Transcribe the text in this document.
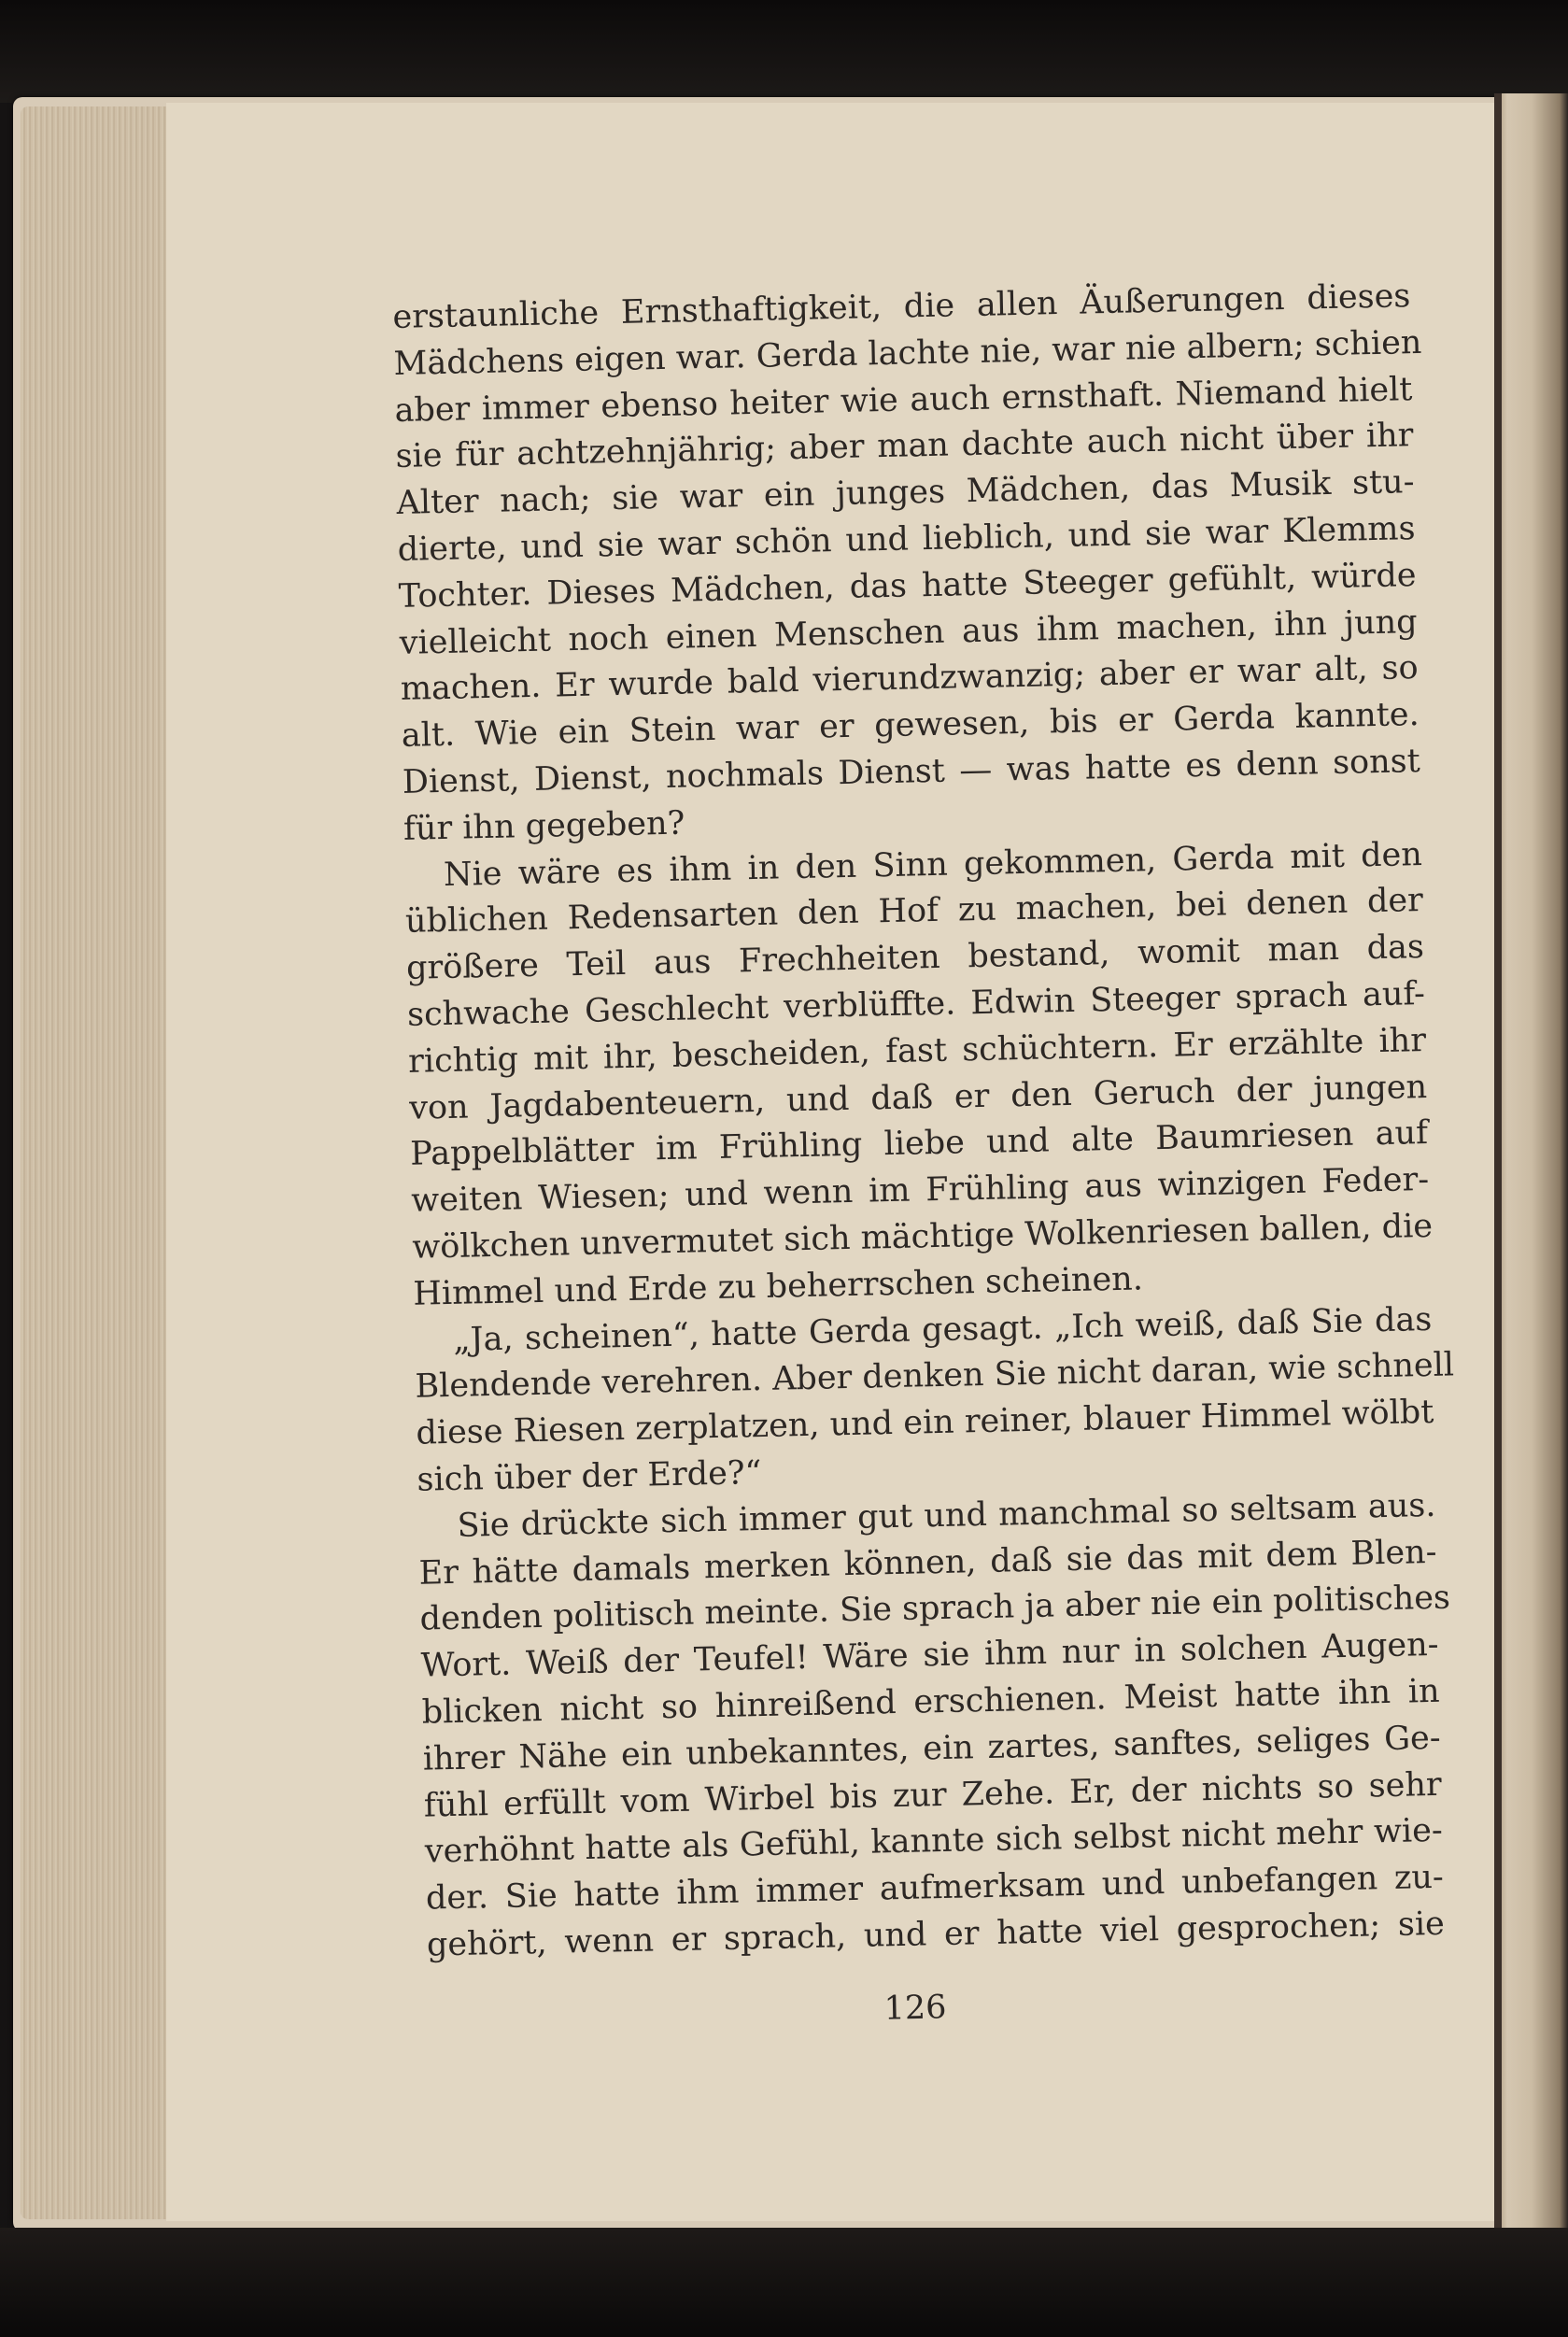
erstaunliche Ernsthaftigkeit, die allen Äußerungen dieses
Mädchens eigen war. Gerda lachte nie, war nie albern; schien
aber immer ebenso heiter wie auch ernsthaft. Niemand hielt
sie für achtzehnjährig; aber man dachte auch nicht über ihr
Alter nach; sie war ein junges Mädchen, das Musik stu-
dierte, und sie war schön und lieblich, und sie war Klemms
Tochter. Dieses Mädchen, das hatte Steeger gefühlt, würde
vielleicht noch einen Menschen aus ihm machen, ihn jung
machen. Er wurde bald vierundzwanzig; aber er war alt, so
alt. Wie ein Stein war er gewesen, bis er Gerda kannte.
Dienst, Dienst, nochmals Dienst — was hatte es denn sonst
für ihn gegeben?
Nie wäre es ihm in den Sinn gekommen, Gerda mit den
üblichen Redensarten den Hof zu machen, bei denen der
größere Teil aus Frechheiten bestand, womit man das
schwache Geschlecht verblüffte. Edwin Steeger sprach auf-
richtig mit ihr, bescheiden, fast schüchtern. Er erzählte ihr
von Jagdabenteuern, und daß er den Geruch der jungen
Pappelblätter im Frühling liebe und alte Baumriesen auf
weiten Wiesen; und wenn im Frühling aus winzigen Feder-
wölkchen unvermutet sich mächtige Wolkenriesen ballen, die
Himmel und Erde zu beherrschen scheinen.
„Ja, scheinen“, hatte Gerda gesagt. „Ich weiß, daß Sie das
Blendende verehren. Aber denken Sie nicht daran, wie schnell
diese Riesen zerplatzen, und ein reiner, blauer Himmel wölbt
sich über der Erde?“
Sie drückte sich immer gut und manchmal so seltsam aus.
Er hätte damals merken können, daß sie das mit dem Blen-
denden politisch meinte. Sie sprach ja aber nie ein politisches
Wort. Weiß der Teufel! Wäre sie ihm nur in solchen Augen-
blicken nicht so hinreißend erschienen. Meist hatte ihn in
ihrer Nähe ein unbekanntes, ein zartes, sanftes, seliges Ge-
fühl erfüllt vom Wirbel bis zur Zehe. Er, der nichts so sehr
verhöhnt hatte als Gefühl, kannte sich selbst nicht mehr wie-
der. Sie hatte ihm immer aufmerksam und unbefangen zu-
gehört, wenn er sprach, und er hatte viel gesprochen; sie
126
